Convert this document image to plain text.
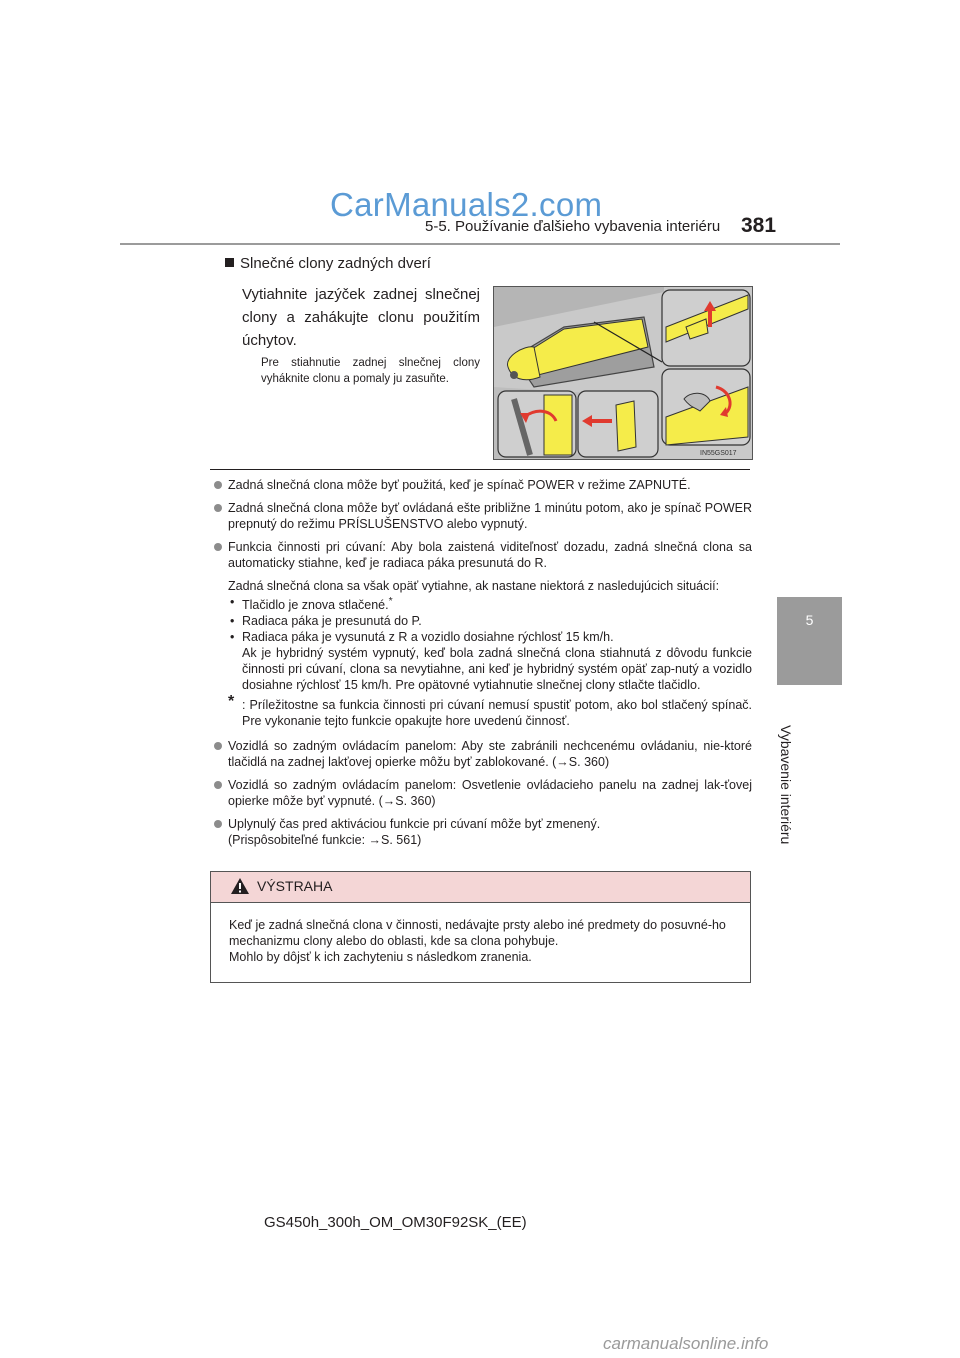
CarManuals2.com
5-5. Používanie ďalšieho vybavenia interiéru 381
5
Vybavenie interiéru
Slnečné clony zadných dverí
Vytiahnite jazýček zadnej slnečnej clony a zahákujte clonu použitím úchytov.
Pre stiahnutie zadnej slnečnej clony vyháknite clonu a pomaly ju zasuňte.
IN55GS017

Zadná slnečná clona môže byť použitá, keď je spínač POWER v režime ZAPNUTÉ.

Zadná slnečná clona môže byť ovládaná ešte približne 1 minútu potom, ako je spínač POWER prepnutý do režimu PRÍSLUŠENSTVO alebo vypnutý.

Funkcia činnosti pri cúvaní: Aby bola zaistená viditeľnosť dozadu, zadná slnečná clona sa automaticky stiahne, keď je radiaca páka presunutá do R.

Zadná slnečná clona sa však opäť vytiahne, ak nastane niektorá z nasledujúcich situácií:

• Tlačidlo je znova stlačené.*
• Radiaca páka je presunutá do P.
• Radiaca páka je vysunutá z R a vozidlo dosiahne rýchlosť 15 km/h.
Ak je hybridný systém vypnutý, keď bola zadná slnečná clona stiahnutá z dôvodu funkcie činnosti pri cúvaní, clona sa nevytiahne, ani keď je hybridný systém opäť zap-nutý a vozidlo dosiahne rýchlosť 15 km/h. Pre opätovné vytiahnutie slnečnej clony stlačte tlačidlo.
* : Príležitostne sa funkcia činnosti pri cúvaní nemusí spustiť potom, ako bol stlačený spínač. Pre vykonanie tejto funkcie opakujte hore uvedenú činnosť.

Vozidlá so zadným ovládacím panelom: Aby ste zabránili nechcenému ovládaniu, nie-ktoré tlačidlá na zadnej lakťovej opierke môžu byť zablokované. (→S. 360)

Vozidlá so zadným ovládacím panelom: Osvetlenie ovládacieho panelu na zadnej lak-ťovej opierke môže byť vypnuté. (→S. 360)

Uplynulý čas pred aktiváciou funkcie pri cúvaní môže byť zmenený.

(Prispôsobiteľné funkcie: →S. 561)

VÝSTRAHA

Keď je zadná slnečná clona v činnosti, nedávajte prsty alebo iné predmety do posuvné-ho mechanizmu clony alebo do oblasti, kde sa clona pohybuje.

Mohlo by dôjsť k ich zachyteniu s následkom zranenia.

GS450h_300h_OM_OM30F92SK_(EE)
carmanualsonline.info
